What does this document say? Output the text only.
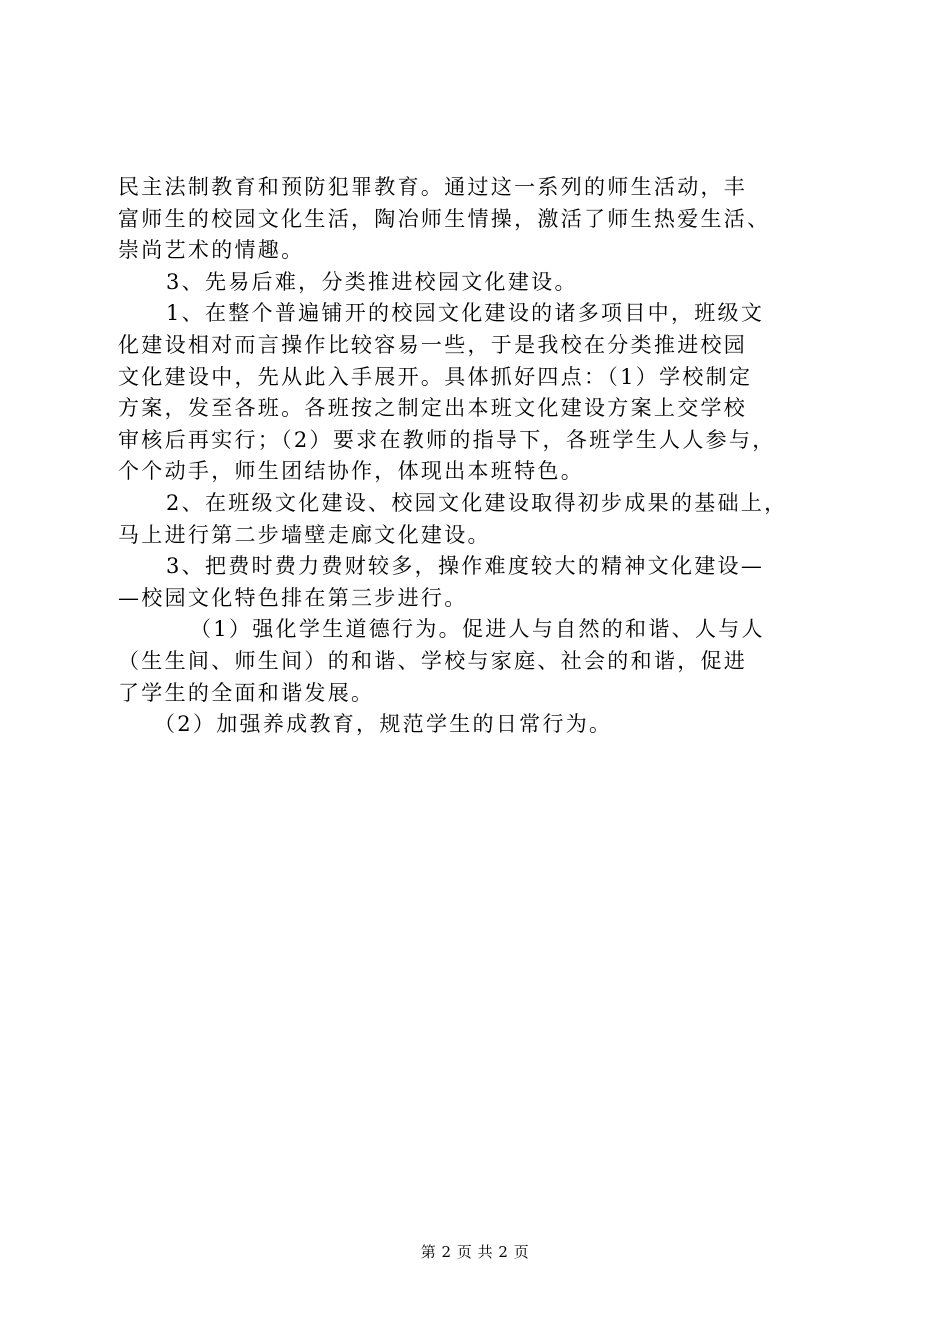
民主法制教育和预防犯罪教育。通过这一系列的师生活动，丰
富师生的校园文化生活，陶冶师生情操，激活了师生热爱生活、
崇尚艺术的情趣。
3、先易后难，分类推进校园文化建设。
1、在整个普遍铺开的校园文化建设的诸多项目中，班级文
化建设相对而言操作比较容易一些，于是我校在分类推进校园
文化建设中，先从此入手展开。具体抓好四点：（1）学校制定
方案，发至各班。各班按之制定出本班文化建设方案上交学校
审核后再实行；（2）要求在教师的指导下，各班学生人人参与，
个个动手，师生团结协作，体现出本班特色。
2、在班级文化建设、校园文化建设取得初步成果的基础上，
马上进行第二步墙壁走廊文化建设。
3、把费时费力费财较多，操作难度较大的精神文化建设—
—校园文化特色排在第三步进行。
（1）强化学生道德行为。促进人与自然的和谐、人与人
（生生间、师生间）的和谐、学校与家庭、社会的和谐，促进
了学生的全面和谐发展。
（2）加强养成教育，规范学生的日常行为。
第 2 页 共 2 页
